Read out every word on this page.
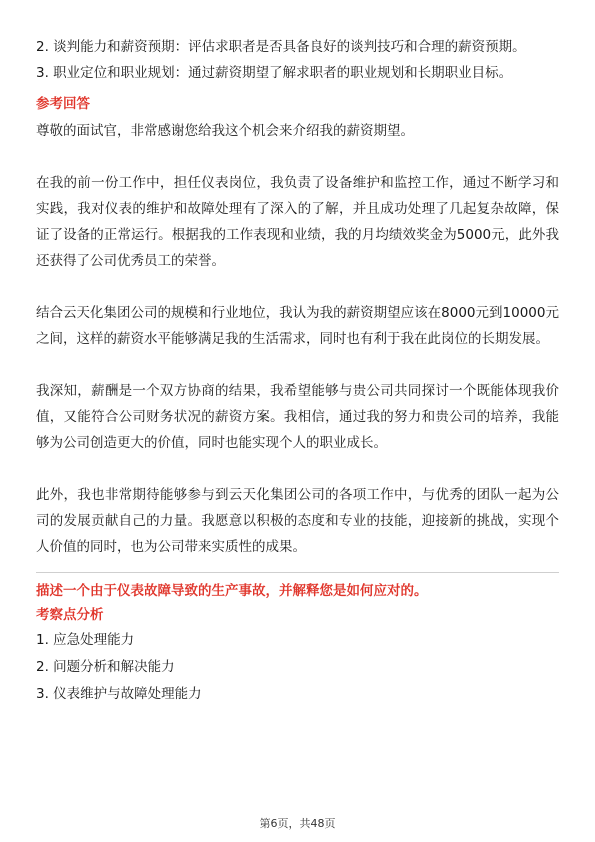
2. 谈判能力和薪资预期：评估求职者是否具备良好的谈判技巧和合理的薪资预期。
3. 职业定位和职业规划：通过薪资期望了解求职者的职业规划和长期职业目标。
参考回答

尊敬的面试官，非常感谢您给我这个机会来介绍我的薪资期望。

在我的前一份工作中，担任仪表岗位，我负责了设备维护和监控工作，通过不断学习和实践，我对仪表的维护和故障处理有了深入的了解，并且成功处理了几起复杂故障，保证了设备的正常运行。根据我的工作表现和业绩，我的月均绩效奖金为5000元，此外我还获得了公司优秀员工的荣誉。

结合云天化集团公司的规模和行业地位，我认为我的薪资期望应该在8000元到10000元之间，这样的薪资水平能够满足我的生活需求，同时也有利于我在此岗位的长期发展。

我深知，薪酬是一个双方协商的结果，我希望能够与贵公司共同探讨一个既能体现我价值，又能符合公司财务状况的薪资方案。我相信，通过我的努力和贵公司的培养，我能够为公司创造更大的价值，同时也能实现个人的职业成长。

此外，我也非常期待能够参与到云天化集团公司的各项工作中，与优秀的团队一起为公司的发展贡献自己的力量。我愿意以积极的态度和专业的技能，迎接新的挑战，实现个人价值的同时，也为公司带来实质性的成果。

描述一个由于仪表故障导致的生产事故，并解释您是如何应对的。
考察点分析
1. 应急处理能力
2. 问题分析和解决能力
3. 仪表维护与故障处理能力
第6页，共48页
